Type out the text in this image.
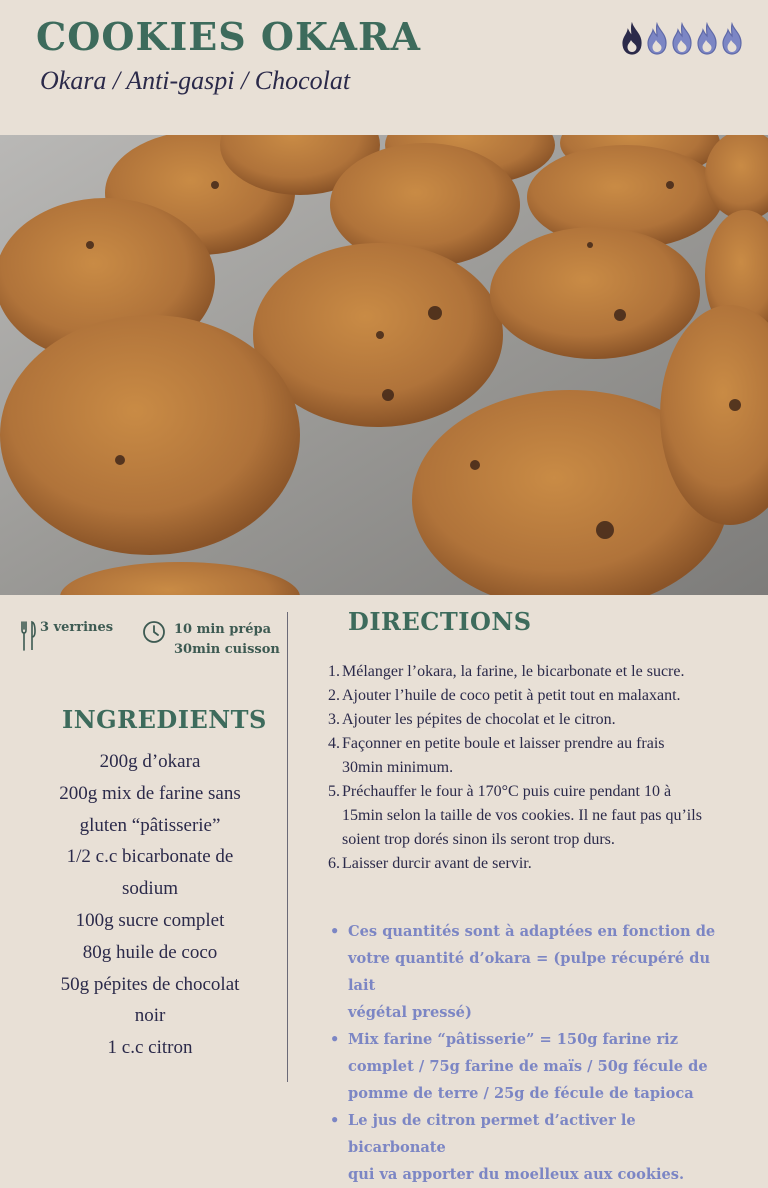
COOKIES OKARA
Okara / Anti-gaspi / Chocolat
3 verrines	10 min prépa
30min cuisson
INGREDIENTS
200g d’okara
200g mix de farine sans
gluten “pâtisserie”
1/2 c.c bicarbonate de
sodium
100g sucre complet
80g huile de coco
50g pépites de chocolat
noir
1 c.c citron
DIRECTIONS
1. Mélanger l’okara, la farine, le bicarbonate et le sucre.
2. Ajouter l’huile de coco petit à petit tout en malaxant.
3. Ajouter les pépites de chocolat et le citron.
4. Façonner en petite boule et laisser prendre au frais
30min minimum.
5. Préchauffer le four à 170°C puis cuire pendant 10 à
15min selon la taille de vos cookies. Il ne faut pas qu’ils
soient trop dorés sinon ils seront trop durs.
6. Laisser durcir avant de servir.
• Ces quantités sont à adaptées en fonction de
votre quantité d’okara = (pulpe récupéré du lait
végétal pressé)
• Mix farine “pâtisserie” = 150g farine riz
complet / 75g farine de maïs / 50g fécule de
pomme de terre / 25g de fécule de tapioca
• Le jus de citron permet d’activer le bicarbonate
qui va apporter du moelleux aux cookies.
